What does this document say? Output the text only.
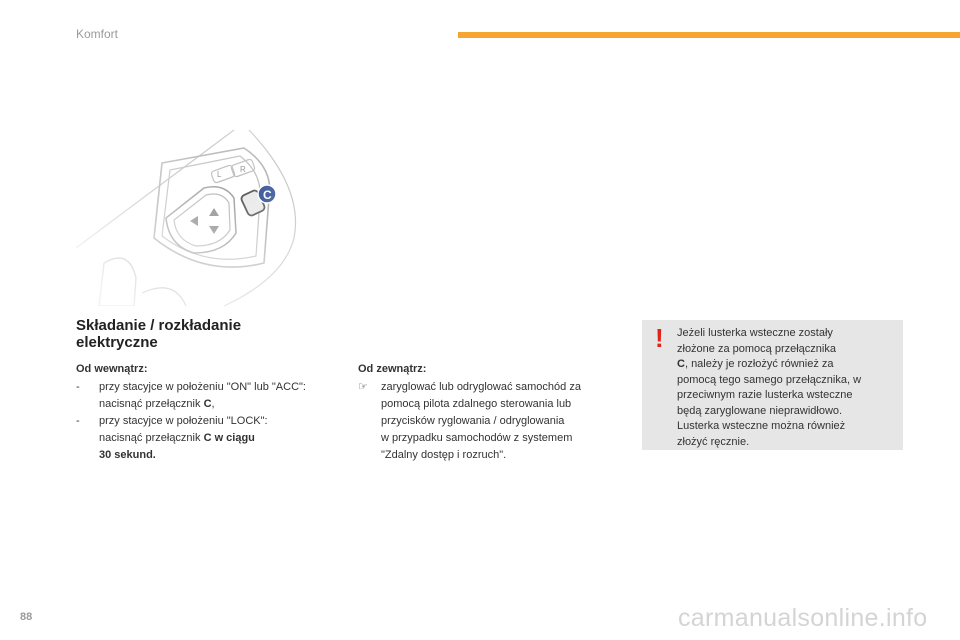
Komfort
Składanie / rozkładanie
elektryczne
Od wewnątrz:
- przy stacyjce w położeniu "ON" lub "ACC":
nacisnąć przełącznik C,
- przy stacyjce w położeniu "LOCK":
nacisnąć przełącznik C w ciągu
30 sekund.
Od zewnątrz:
☞ zaryglować lub odryglować samochód za
pomocą pilota zdalnego sterowania lub
przycisków ryglowania / odryglowania
w przypadku samochodów z systemem
"Zdalny dostęp i rozruch".
! Jeżeli lusterka wsteczne zostały
złożone za pomocą przełącznika
C, należy je rozłożyć również za
pomocą tego samego przełącznika, w
przeciwnym razie lusterka wsteczne
będą zaryglowane nieprawidłowo.
Lusterka wsteczne można również
złożyć ręcznie.
88	carmanualsonline.info
